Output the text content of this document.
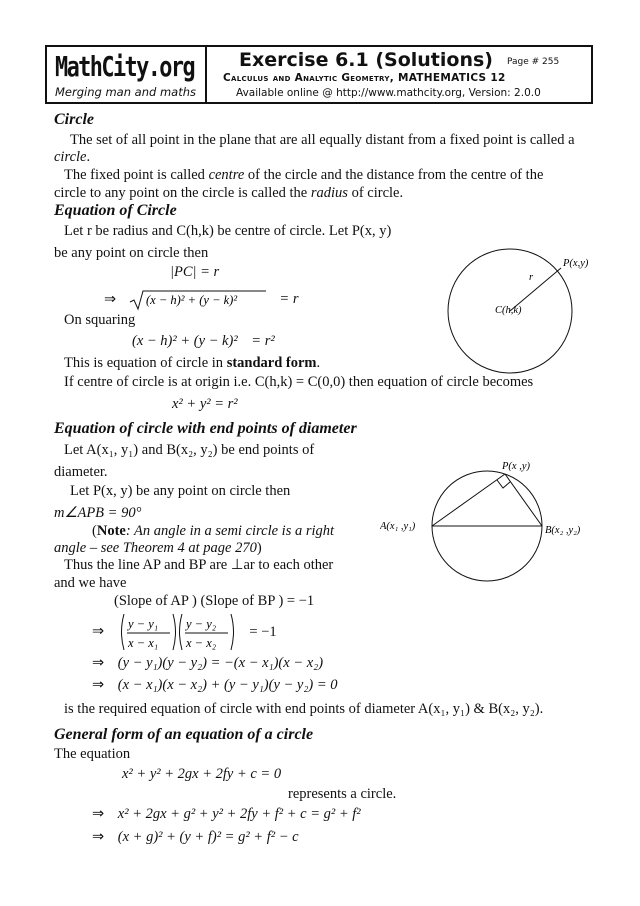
MathCity.org
Merging man and maths
Exercise 6.1 (Solutions) Page # 255
Calculus and Analytic Geometry, MATHEMATICS 12
Available online @ http://www.mathcity.org, Version: 2.0.0
Circle
The set of all point in the plane that are all equally distant from a fixed point is called a
circle.
The fixed point is called centre of the circle and the distance from the centre of the
circle to any point on the circle is called the radius of circle.
Equation of Circle
Let r be radius and C(h,k) be centre of circle. Let P(x, y)
be any point on circle then
|PC| = r
⇒ (x − h)² + (y − k)²	= r
On squaring
(x − h)² + (y − k)² = r²
This is equation of circle in standard form.
If centre of circle is at origin i.e. C(h,k) = C(0,0) then equation of circle becomes
x² + y² = r²
P(x,y)
r
C(h,k)
Equation of circle with end points of diameter
Let A(x₁, y₁) and B(x₂, y₂) be end points of
diameter.
Let P(x, y) be any point on circle then
m∠APB = 90°
(Note: An angle in a semi circle is a right
angle – see Theorem 4 at page 270)
Thus the line AP and BP are ⊥ar to each other
and we have
(Slope of AP ) (Slope of BP ) = −1
⇒ y − y₁
x − x₁
y − y₂
x − x₂
= −1
⇒ (y − y₁)(y − y₂) = −(x − x₁)(x − x₂)
⇒ (x − x₁)(x − x₂) + (y − y₁)(y − y₂) = 0
is the required equation of circle with end points of diameter A(x₁, y₁) & B(x₂, y₂).
P(x ,y)
A(x₁ ,y₁)	B(x₂ ,y₂)
General form of an equation of a circle
The equation
x² + y² + 2gx + 2fy + c = 0
represents a circle.
⇒ x² + 2gx + g² + y² + 2fy + f² + c = g² + f²
⇒ (x + g)² + (y + f)² = g² + f² − c
